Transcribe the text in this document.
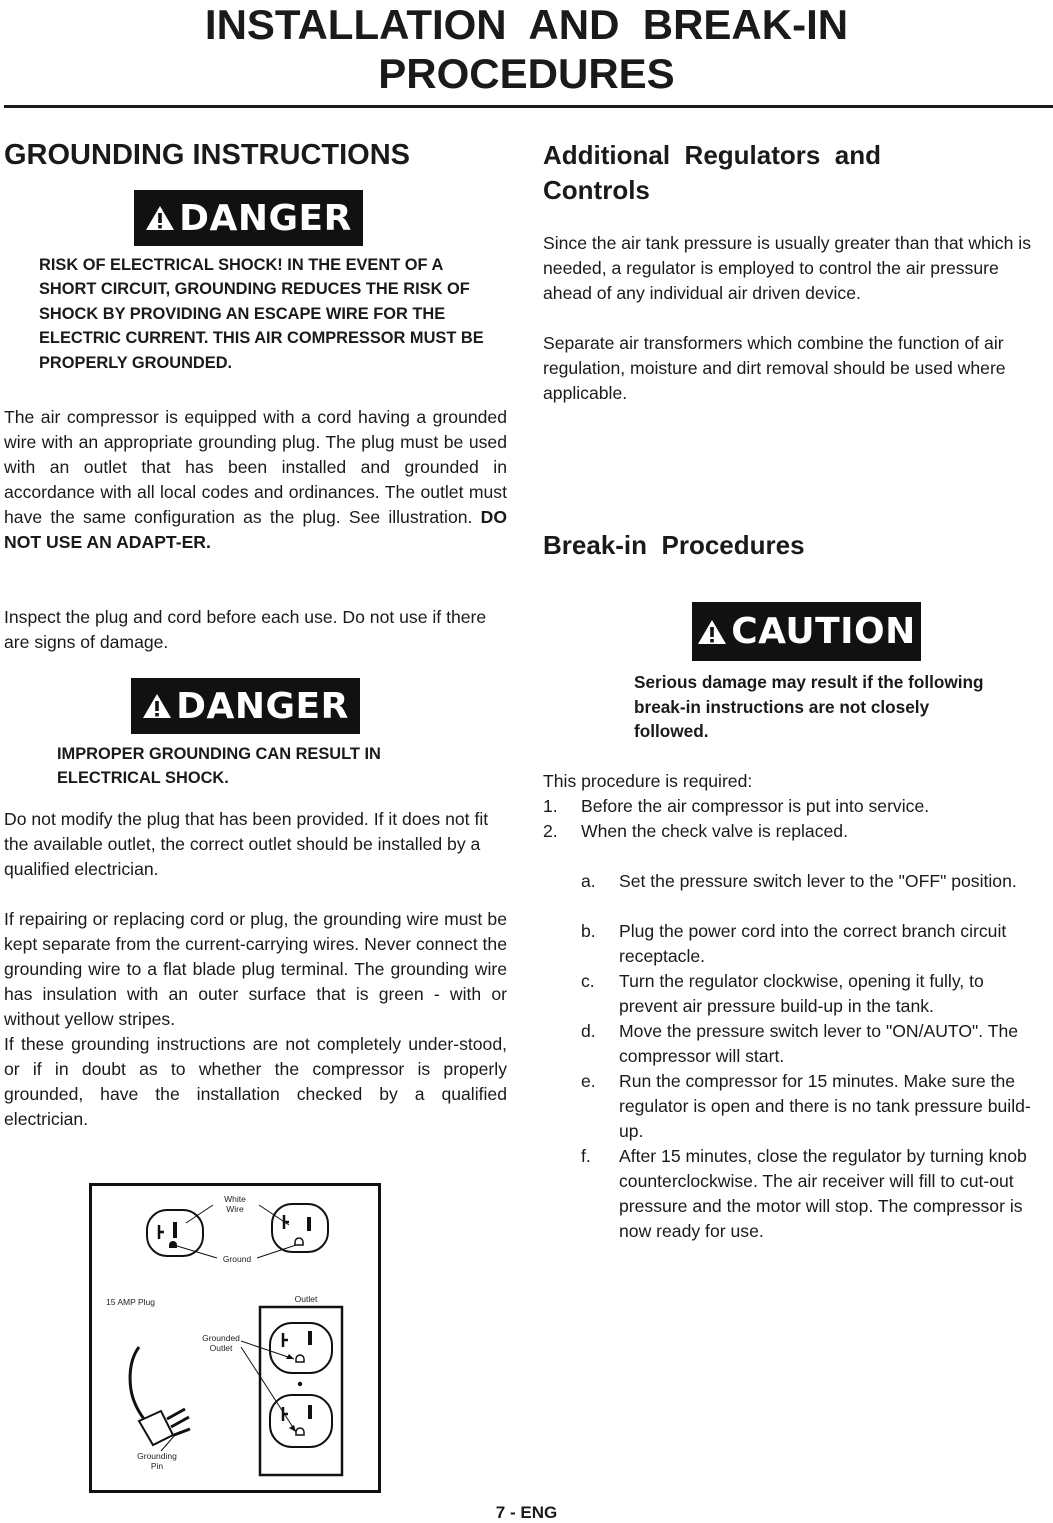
INSTALLATION  AND  BREAK-IN
PROCEDURES
GROUNDING INSTRUCTIONS
DANGER

RISK OF ELECTRICAL SHOCK! IN THE EVENT OF A SHORT CIRCUIT, GROUNDING REDUCES THE RISK OF SHOCK BY PROVIDING AN ESCAPE WIRE FOR THE ELECTRIC CURRENT. THIS AIR COMPRESSOR MUST BE PROPERLY GROUNDED.

The air compressor is equipped with a cord having a grounded wire with an appropriate grounding plug. The plug must be used with an outlet that has been installed and grounded in accordance with all local codes and ordinances. The outlet must have the same configuration as the plug. See illustration. DO NOT USE AN ADAPT-ER.

Inspect the plug and cord before each use. Do not use if there are signs of damage.

DANGER

IMPROPER GROUNDING CAN RESULT IN ELECTRICAL SHOCK.

Do not modify the plug that has been provided. If it does not fit the available outlet, the correct outlet should be installed by a qualified electrician.

If repairing or replacing cord or plug, the grounding wire must be kept separate from the current-carrying wires. Never connect the grounding wire to a flat blade plug terminal. The grounding wire has insulation with an outer surface that is green - with or without yellow stripes.

If these grounding instructions are not completely under-stood, or if in doubt as to whether the compressor is properly grounded, have the installation checked by a qualified electrician.

White
Wire
Ground
15 AMP Plug	Outlet
Grounded
Outlet
Grounding
Pin
Additional  Regulators  and
Controls

Since the air tank pressure is usually greater than that which is needed, a regulator is employed to control the air pressure ahead of any individual air driven device.

Separate air transformers which combine the function of air regulation, moisture and dirt removal should be used where applicable.

Break-in  Procedures
CAUTION

Serious damage may result if the following break-in instructions are not closely followed.

This procedure is required:

1. Before the air compressor is put into service.
2. When the check valve is replaced.
a. Set the pressure switch lever to the "OFF" position.
b. Plug the power cord into the correct branch circuit receptacle.
c. Turn the regulator clockwise, opening it fully, to prevent air pressure build-up in the tank.
d. Move the pressure switch lever to "ON/AUTO". The compressor will start.
e. Run the compressor for 15 minutes. Make sure the regulator is open and there is no tank pressure build-up.
f. After 15 minutes, close the regulator by turning knob counterclockwise. The air receiver will fill to cut-out pressure and the motor will stop. The compressor is now ready for use.
7 - ENG
